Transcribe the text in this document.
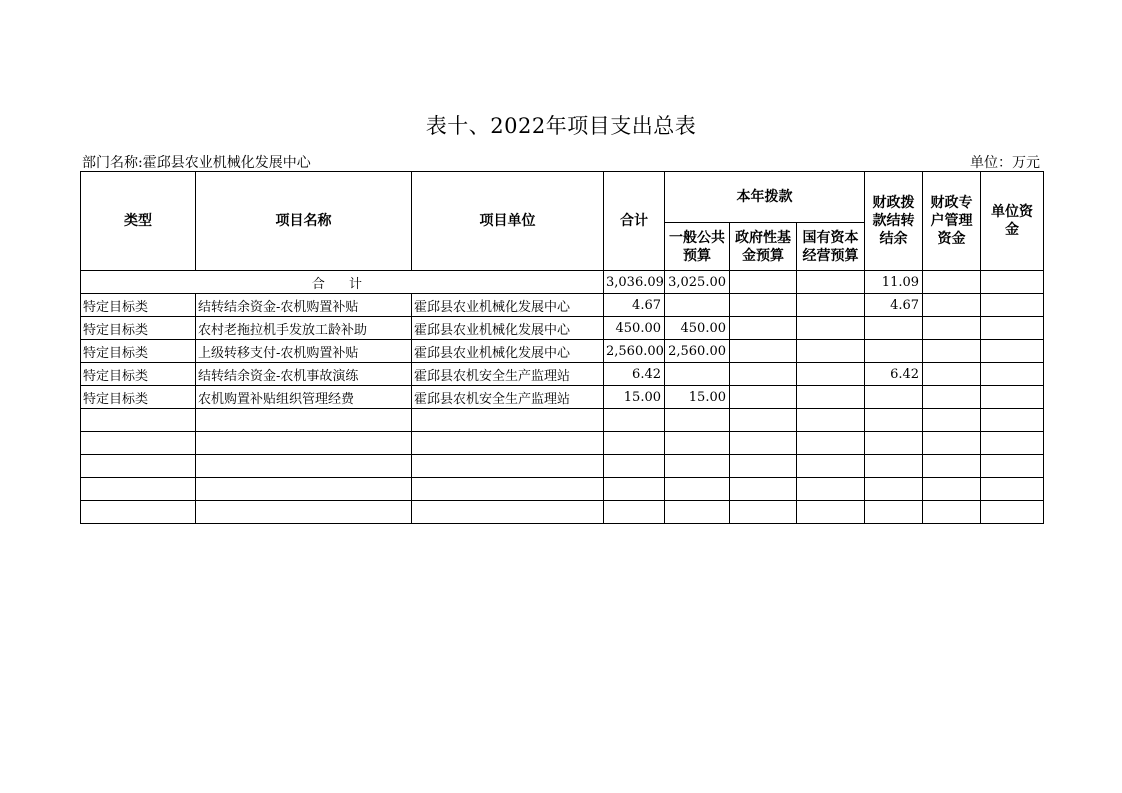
表十、2022年项目支出总表
部门名称:霍邱县农业机械化发展中心	单位：万元
类型	项目名称	项目单位	合计	本年拨款			财政拨款结转结余	财政专户管理资金	单位资金
				一般公共预算	政府性基金预算	国有资本经营预算			
合 计			3,036.09	3,025.00			11.09		
特定目标类	结转结余资金-农机购置补贴	霍邱县农业机械化发展中心	4.67				4.67		
特定目标类	农村老拖拉机手发放工龄补助	霍邱县农业机械化发展中心	450.00	450.00					
特定目标类	上级转移支付-农机购置补贴	霍邱县农业机械化发展中心	2,560.00	2,560.00					
特定目标类	结转结余资金-农机事故演练	霍邱县农机安全生产监理站	6.42				6.42		
特定目标类	农机购置补贴组织管理经费	霍邱县农机安全生产监理站	15.00	15.00					
